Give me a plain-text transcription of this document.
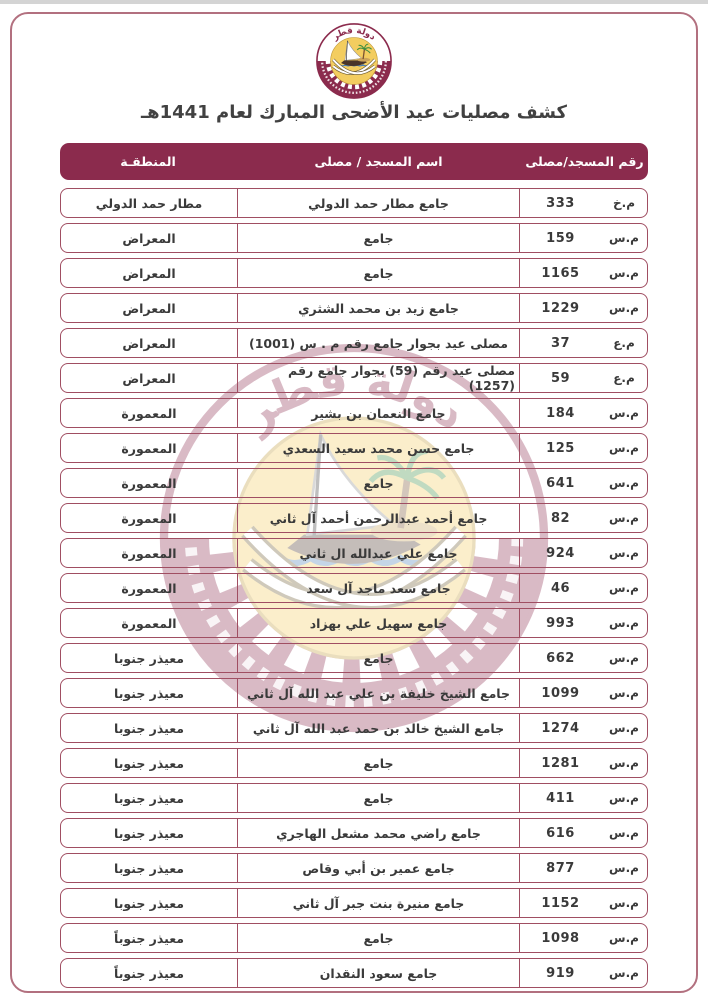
كشف مصليات عيد الأضحى المبارك لعام 1441هـ
رقم المسجد/مصلى
اسم المسجد / مصلى
المنطقـة
م.خ
333
جامع مطار حمد الدولي
مطار حمد الدولي
م.س
159
جامع
المعراض
م.س
1165
جامع
المعراض
م.س
1229
جامع زيد بن محمد الشثري
المعراض
م.ع
37
مصلى عيد بجوار جامع رقم م . س (1001)
المعراض
م.ع
59
مصلى عيد رقم (59) بجوار جامع رقم (1257)
المعراض
م.س
184
جامع النعمان بن بشير
المعمورة
م.س
125
جامع حسن محمد سعيد السعدي
المعمورة
م.س
641
جامع
المعمورة
م.س
82
جامع أحمد عبدالرحمن أحمد آل ثاني
المعمورة
م.س
924
جامع علي عبدالله ال ثاني
المعمورة
م.س
46
جامع سعد ماجد آل سعد
المعمورة
م.س
993
جامع سهيل علي بهزاد
المعمورة
م.س
662
جامع
معيذر جنوبا
م.س
1099
جامع الشيخ خليفة بن علي عبد الله آل ثاني
معيذر جنوبا
م.س
1274
جامع الشيخ خالد بن حمد عبد الله آل ثاني
معيذر جنوبا
م.س
1281
جامع
معيذر جنوبا
م.س
411
جامع
معيذر جنوبا
م.س
616
جامع راضي محمد مشعل الهاجري
معيذر جنوبا
م.س
877
جامع عمير بن أبي وقاص
معيذر جنوبا
م.س
1152
جامع منيرة بنت جبر آل ثاني
معيذر جنوبا
م.س
1098
جامع
معيذر جنوباً
م.س
919
جامع سعود النقدان
معيذر جنوباً
